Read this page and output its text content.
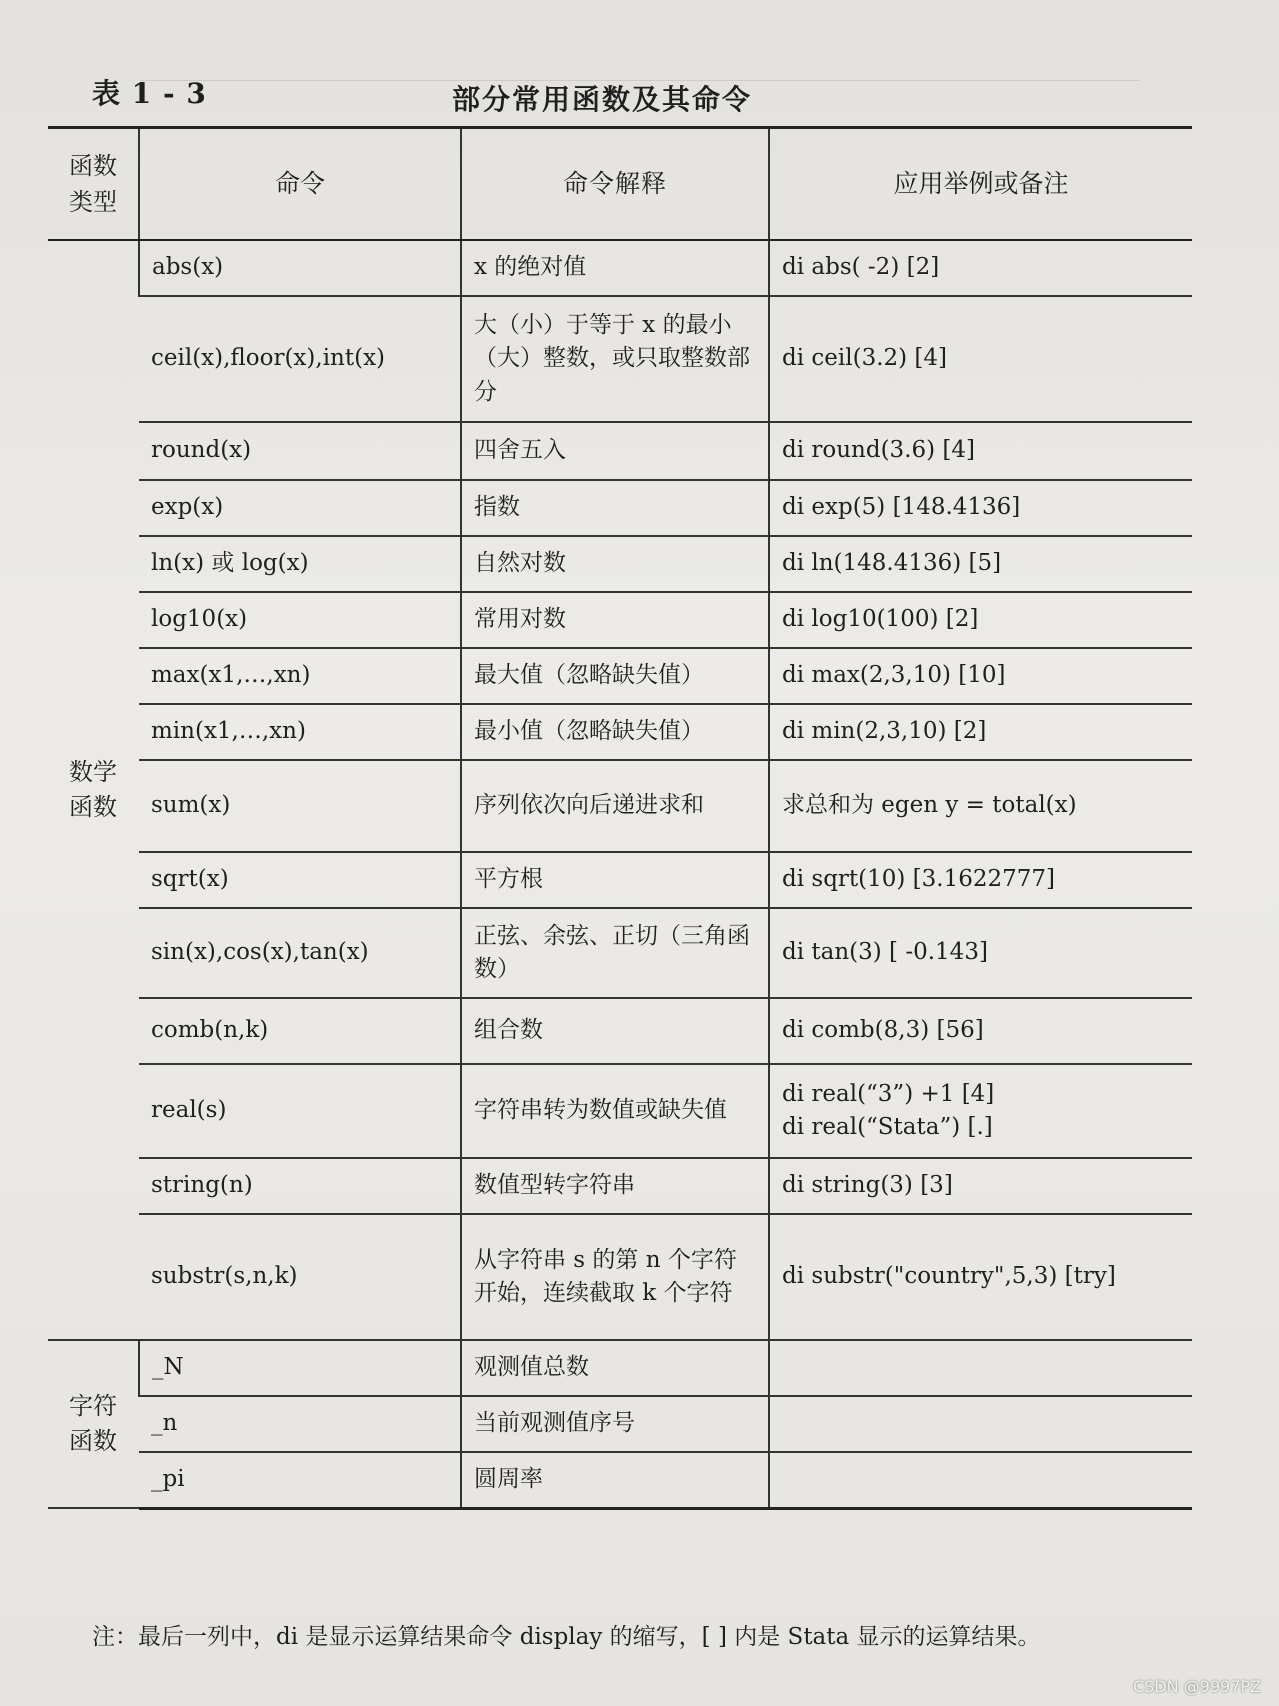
表 1 - 3	部分常用函数及其命令
函数类型	命令	命令解释	应用举例或备注
数学函数	abs(x)	x 的绝对值	di abs( -2) [2]
	ceil(x),floor(x),int(x)	大（小）于等于 x 的最小（大）整数，或只取整数部分	di ceil(3.2) [4]
	round(x)	四舍五入	di round(3.6) [4]
	exp(x)	指数	di exp(5) [148.4136]
	ln(x) 或 log(x)	自然对数	di ln(148.4136) [5]
	log10(x)	常用对数	di log10(100) [2]
	max(x1,…,xn)	最大值（忽略缺失值）	di max(2,3,10) [10]
	min(x1,…,xn)	最小值（忽略缺失值）	di min(2,3,10) [2]
	sum(x)	序列依次向后递进求和	求总和为 egen y = total(x)
	sqrt(x)	平方根	di sqrt(10) [3.1622777]
	sin(x),cos(x),tan(x)	正弦、余弦、正切（三角函数）	di tan(3) [ -0.143]
	comb(n,k)	组合数	di comb(8,3) [56]
	real(s)	字符串转为数值或缺失值	di real(“3”) +1 [4]
di real(“Stata”) [.]

	string(n)	数值型转字符串	di string(3) [3]
	substr(s,n,k)	从字符串 s 的第 n 个字符开始，连续截取 k 个字符	di substr("country",5,3) [try]
字符函数	_N	观测值总数	
	_n	当前观测值序号	
	_pi	圆周率	
注：最后一列中，di 是显示运算结果命令 display 的缩写，[ ] 内是 Stata 显示的运算结果。
CSDN @9997PZ
